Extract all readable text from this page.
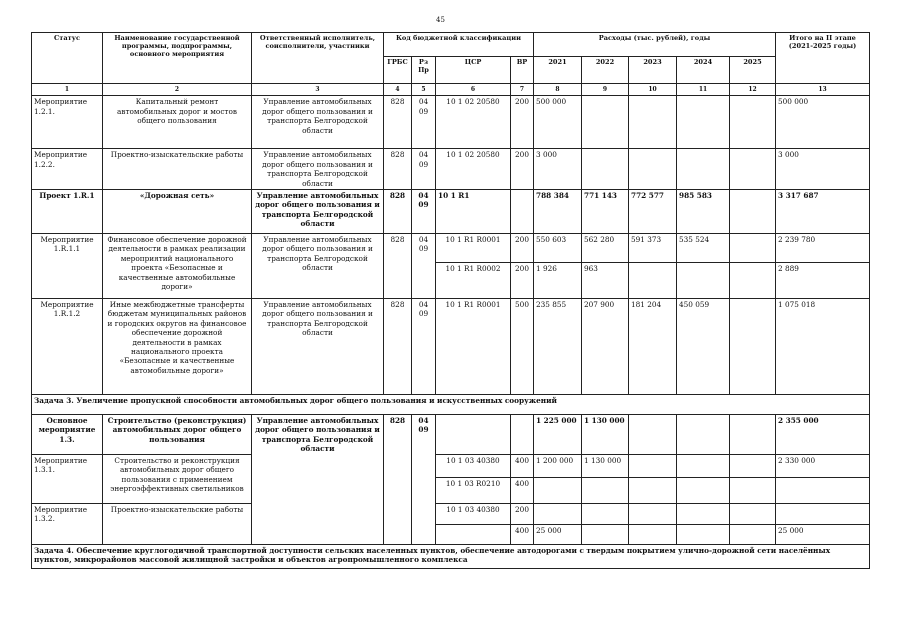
45
Статус	Наименование государственной программы, подпрограммы, основного мероприятия	Ответственный исполнитель, соисполнители, участники	Код бюджетной классификации				Расходы (тыс. рублей), годы					Итого на II этапе (2021-2025 годы)
			ГРБС	Рз Пр	ЦСР	ВР	2021	2022	2023	2024	2025	
1	2	3	4	5	6	7	8	9	10	11	12	13
Мероприятие 1.2.1.	Капитальный ремонт автомобильных дорог и мостов общего пользования	Управление автомобильных дорог общего пользования и транспорта Белгородской области	828	04 09	10 1 02 20580	200	500 000					500 000
Мероприятие 1.2.2.	Проектно-изыскательские работы	Управление автомобильных дорог общего пользования и транспорта Белгородской области	828	04 09	10 1 02 20580	200	3 000					3 000
Проект 1.R.1	«Дорожная сеть»	Управление автомобильных дорог общего пользования и транспорта Белгородской области	828	04 09	10 1 R1		788 384	771 143	772 577	985 583		3 317 687
Мероприятие 1.R.1.1	Финансовое обеспечение дорожной деятельности в рамках реализации мероприятий национального проекта «Безопасные и качественные автомобильные дороги»	Управление автомобильных дорог общего пользования и транспорта Белгородской области	828	04 09	10 1 R1 R0001	200	550 603	562 280	591 373	535 524		2 239 780
					10 1 R1 R0002	200	1 926	963				2 889
Мероприятие 1.R.1.2	Иные межбюджетные трансферты бюджетам муниципальных районов и городских округов на финансовое обеспечение дорожной деятельности в рамках национального проекта «Безопасные и качественные автомобильные дороги»	Управление автомобильных дорог общего пользования и транспорта Белгородской области	828	04 09	10 1 R1 R0001	500	235 855	207 900	181 204	450 059		1 075 018
Задача 3. Увеличение пропускной способности автомобильных дорог общего пользования и искусственных сооружений												
Основное мероприятие 1.3.	Строительство (реконструкция) автомобильных дорог общего пользования	Управление автомобильных дорог общего пользования и транспорта Белгородской области	828	04 09			1 225 000	1 130 000				2 355 000
Мероприятие 1.3.1.	Строительство и реконструкция автомобильных дорог общего пользования с применением энергоэффективных светильников				10 1 03 40380	400	1 200 000	1 130 000				2 330 000
					10 1 03 R0210	400						
Мероприятие 1.3.2.	Проектно-изыскательские работы				10 1 03 40380	200						
						400	25 000					25 000
Задача 4. Обеспечение круглогодичной транспортной доступности сельских населенных пунктов, обеспечение автодорогами с твердым покрытием улично-дорожной сети населённых пунктов, микрорайонов массовой жилищной застройки и объектов агропромышленного комплекса												
